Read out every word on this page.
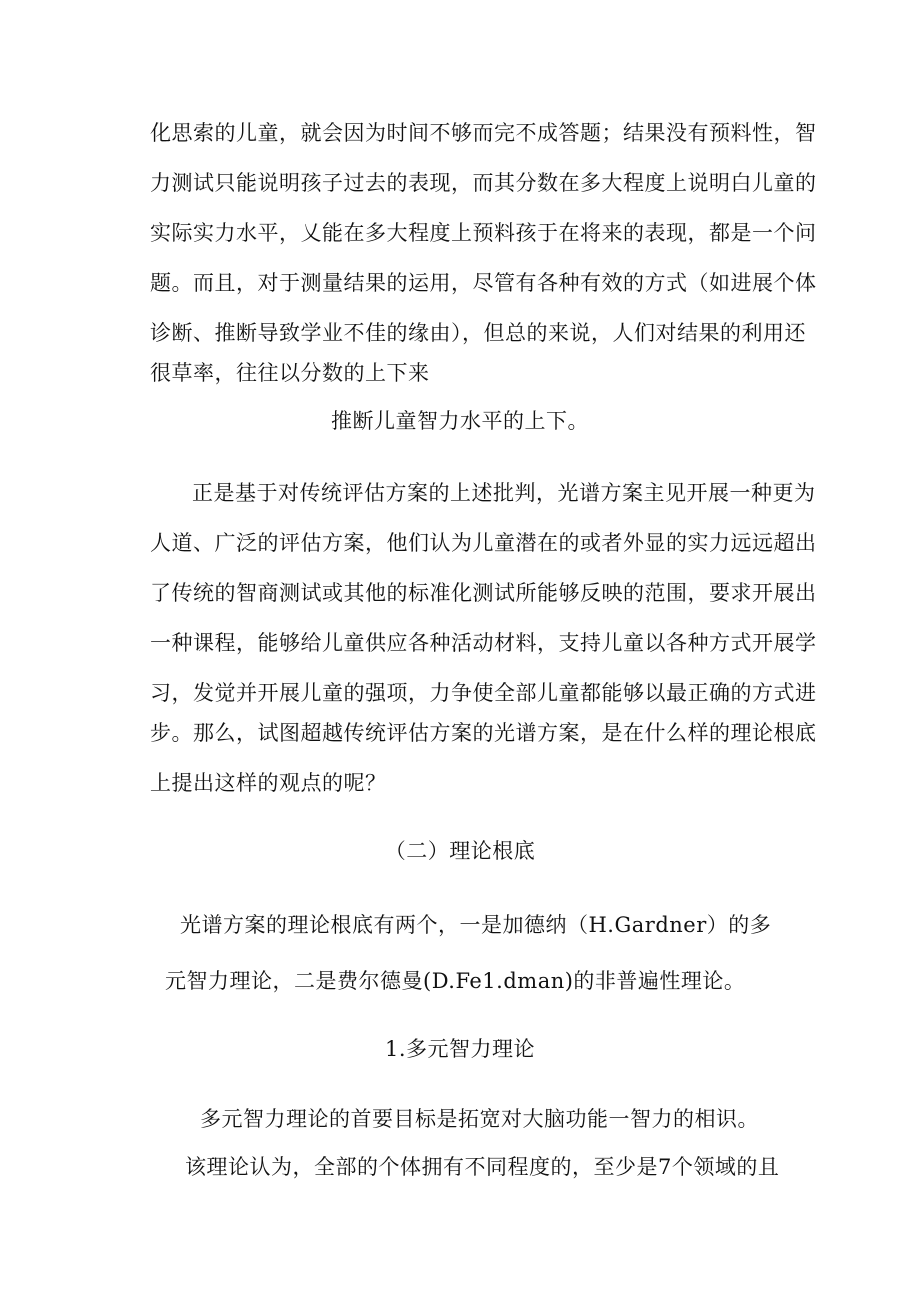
化思索的儿童，就会因为时间不够而完不成答题；结果没有预料性，智
力测试只能说明孩子过去的表现，而其分数在多大程度上说明白儿童的
实际实力水平，乂能在多大程度上预料孩于在将来的表现，都是一个问
题。而且，对于测量结果的运用，尽管有各种有效的方式（如进展个体
诊断、推断导致学业不佳的缘由），但总的来说，人们对结果的利用还
很草率，往往以分数的上下来
推断儿童智力水平的上下。
正是基于对传统评估方案的上述批判，光谱方案主见开展一种更为
人道、广泛的评估方案，他们认为儿童潜在的或者外显的实力远远超出
了传统的智商测试或其他的标准化测试所能够反映的范围，要求开展出
一种课程，能够给儿童供应各种活动材料，支持儿童以各种方式开展学
习，发觉并开展儿童的强项，力争使全部儿童都能够以最正确的方式进
步。那么，试图超越传统评估方案的光谱方案，是在什么样的理论根底
上提出这样的观点的呢？
（二）理论根底
光谱方案的理论根底有两个，一是加德纳（H.Gardner）的多
元智力理论，二是费尔德曼(D.Fe1.dman)的非普遍性理论。
1.多元智力理论
多元智力理论的首要目标是拓宽对大脑功能一智力的相识。
该理论认为，全部的个体拥有不同程度的，至少是7个领域的且
